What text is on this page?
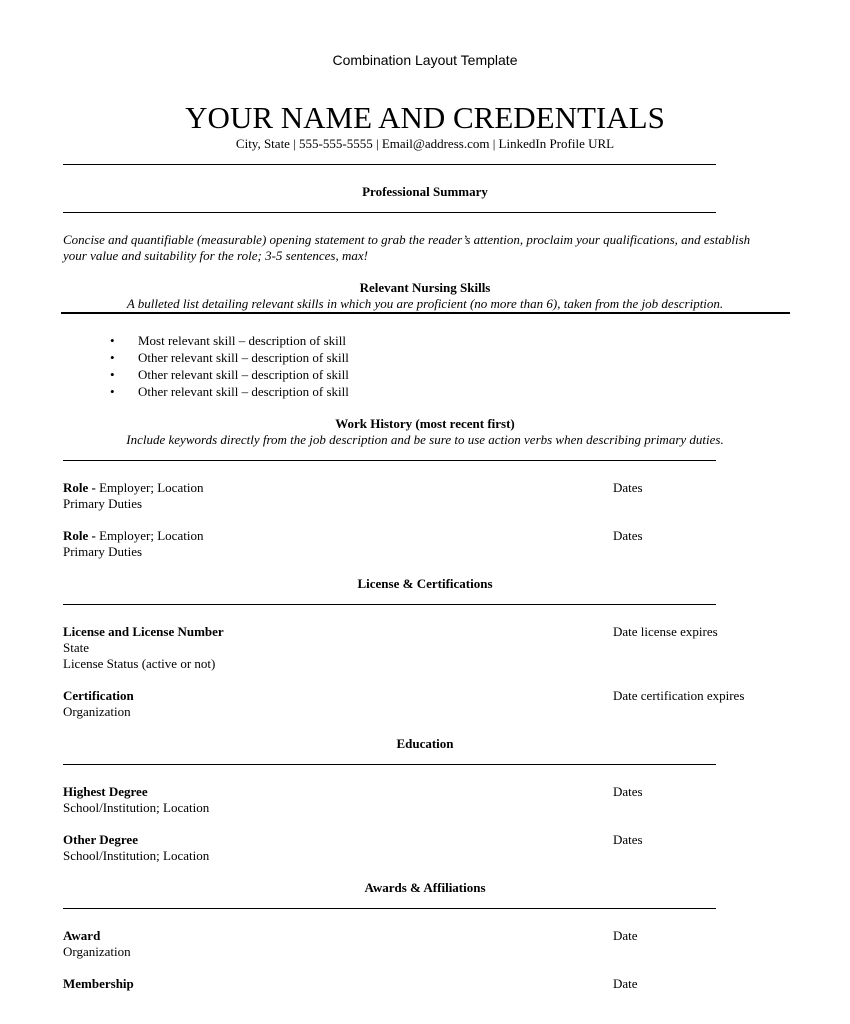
Combination Layout Template
YOUR NAME AND CREDENTIALS
City, State | 555-555-5555 | Email@address.com | LinkedIn Profile URL
Professional Summary
Concise and quantifiable (measurable) opening statement to grab the reader’s attention, proclaim your qualifications, and establish your value and suitability for the role; 3-5 sentences, max!
Relevant Nursing Skills
A bulleted list detailing relevant skills in which you are proficient (no more than 6), taken from the job description.
• Most relevant skill – description of skill
• Other relevant skill – description of skill
• Other relevant skill – description of skill
• Other relevant skill – description of skill
Work History (most recent first)
Include keywords directly from the job description and be sure to use action verbs when describing primary duties.
Role - Employer; Location
Primary Duties
Dates
Role - Employer; Location
Primary Duties
Dates
License & Certifications
License and License Number
State
License Status (active or not)
Date license expires
Certification
Organization
Date certification expires
Education
Highest Degree
School/Institution; Location
Dates
Other Degree
School/Institution; Location
Dates
Awards & Affiliations
Award
Organization
Date
Membership	Date
